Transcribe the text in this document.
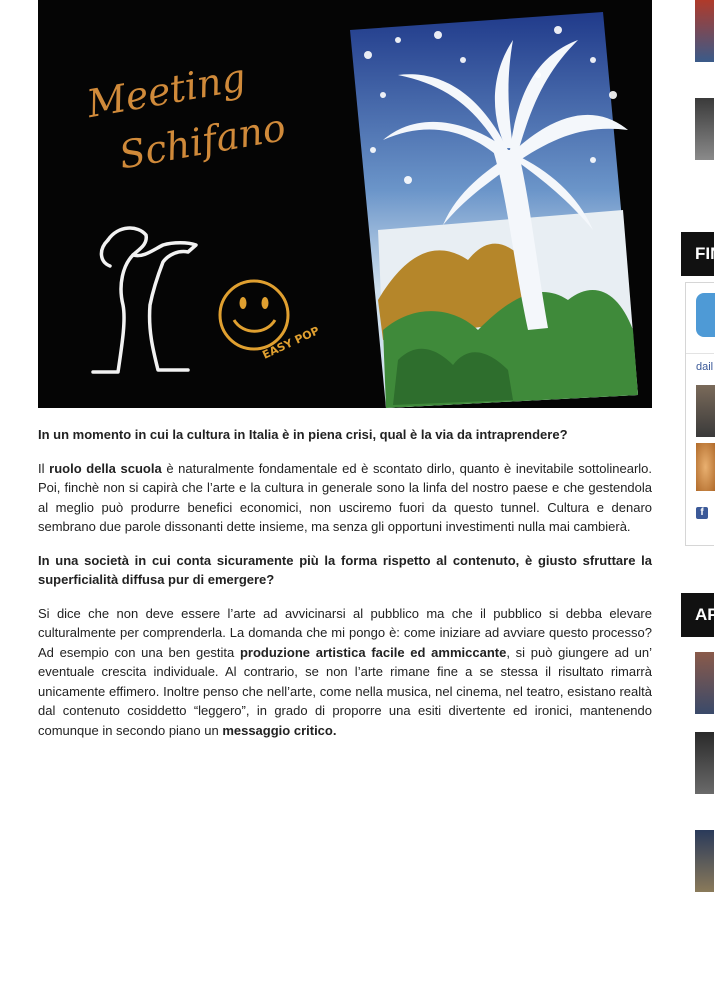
Meeting
Schifano
EASY POP

In un momento in cui la cultura in Italia è in piena crisi, qual è la via da intraprendere?

Il ruolo della scuola è naturalmente fondamentale ed è scontato dirlo, quanto è inevitabile sottolinearlo. Poi, finchè non si capirà che l’arte e la cultura in generale sono la linfa del nostro paese e che gestendola al meglio può produrre benefici economici, non usciremo fuori da questo tunnel. Cultura e denaro sembrano due parole dissonanti dette insieme, ma senza gli opportuni investimenti nulla mai cambierà.

In una società in cui conta sicuramente più la forma rispetto al contenuto, è giusto sfruttare la superficialità diffusa pur di emergere?

Si dice che non deve essere l’arte ad avvicinarsi al pubblico ma che il pubblico si debba elevare culturalmente per comprenderla. La domanda che mi pongo è: come iniziare ad avviare questo processo? Ad esempio con una ben gestita produzione artistica facile ed ammiccante, si può giungere ad un’ eventuale crescita individuale. Al contrario, se non l’arte rimane fine a se stessa il risultato rimarrà unicamente effimero. Inoltre penso che nell’arte, come nella musica, nel cinema, nel teatro, esistano realtà dal contenuto cosiddetto “leggero”, in grado di proporre una esiti divertente ed ironici, mantenendo comunque in secondo piano un messaggio critico.

FIN
dail
f
API
